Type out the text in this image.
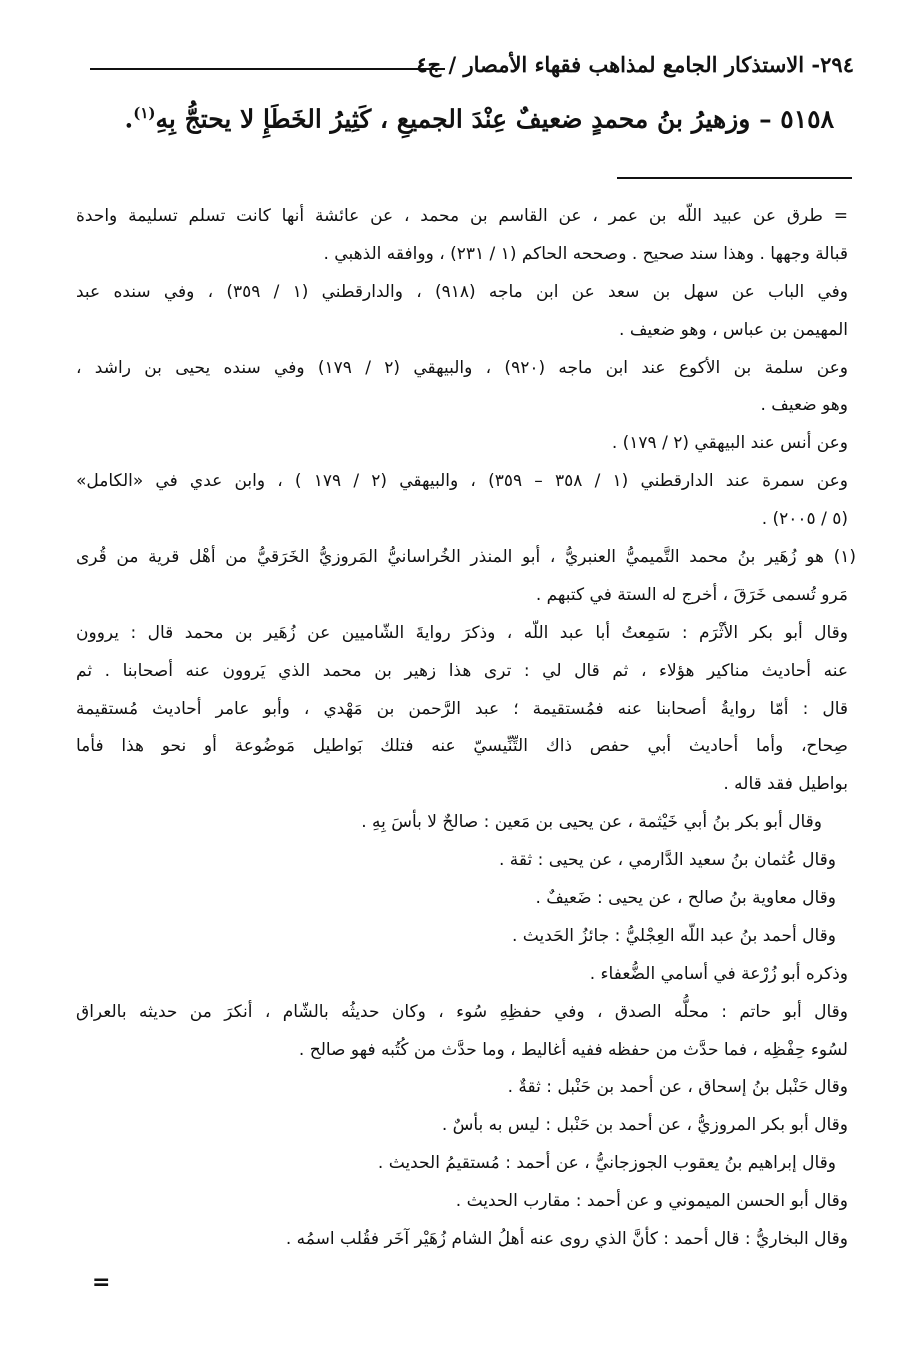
٢٩٤- الاستذكار الجامع لمذاهب فقهاء الأمصار / ج٤
٥١٥٨ – وزهيرُ بنُ محمدٍ ضعيفٌ عِنْدَ الجميعِ ، كَثِيرُ الخَطَإِ لا يحتجُّ بِهِ$^{(١)}$.
= طرق عن عبيد اللّه بن عمر ، عن القاسم بن محمد ، عن عائشة أنها كانت تسلم تسليمة واحدة
قبالة وجهها . وهذا سند صحيح . وصححه الحاكم (١ / ٢٣١) ، ووافقه الذهبي .
وفي الباب عن سهل بن سعد عن ابن ماجه (٩١٨) ، والدارقطني (١ / ٣٥٩) ، وفي سنده عبد
المهيمن بن عباس ، وهو ضعيف .
وعن سلمة بن الأكوع عند ابن ماجه (٩٢٠) ، والبيهقي (٢ / ١٧٩) وفي سنده يحيى بن راشد ،
وهو ضعيف .
وعن أنس عند البيهقي (٢ / ١٧٩) .
وعن سمرة عند الدارقطني (١ / ٣٥٨ – ٣٥٩) ، والبيهقي (٢ / ١٧٩ ) ، وابن عدي في «الكامل»
(٥ / ٢٠٠٥) .
(١) هو زُهَير بنُ محمد التَّميميُّ العنبريُّ ، أبو المنذر الخُراسانيُّ المَروزيُّ الخَرَقيُّ من أهْل قرية من قُرى
مَرو تُسمى خَرَقَ ، أخرج له الستة في كتبهم .
وقال أبو بكر الأثْرَم : سَمِعتُ أبا عبد اللّه ، وذكرَ روايةَ الشّاميين عن زُهَير بن محمد قال : يروون
عنه أحاديث مناكير هؤلاء ، ثم قال لي : ترى هذا زهير بن محمد الذي يَروون عنه أصحابنا . ثم
قال : أمّا روايةُ أصحابنا عنه فمُستقيمة ؛ عبد الرَّحمن بن مَهْدي ، وأبو عامر أحاديث مُستقيمة
صِحاح، وأما أحاديث أبي حفص ذاك التِّنِّيسيّ عنه فتلك بَواطيل مَوضُوعة أو نحو هذا فأما
بواطيل فقد قاله .
وقال أبو بكر بنُ أبي خَيْثمة ، عن يحيى بن مَعين : صالحٌ لا بأسَ بِهِ .
وقال عُثمان بنُ سعيد الدَّارمي ، عن يحيى : ثقة .
وقال معاوية بنُ صالح ، عن يحيى : ضَعيفٌ .
وقال أحمد بنُ عبد اللّه العِجْليُّ : جائزُ الحَديث .
وذكره أبو زُرْعة في أسامي الضُّعفاء .
وقال أبو حاتم : محلُّه الصدق ، وفي حفظِهِ سُوء ، وكان حديثُه بالشّام ، أنكرَ من حديثه بالعراق
لسُوء حِفْظِه ، فما حدَّث من حفظه ففيه أغاليط ، وما حدَّث من كُتُبه فهو صالح .
وقال حَنْبل بنُ إسحاق ، عن أحمد بن حَنْبل : ثقةٌ .
وقال أبو بكر المروزيُّ ، عن أحمد بن حَنْبل : ليس به بأسٌ .
وقال إبراهيم بنُ يعقوب الجوزجانيُّ ، عن أحمد : مُستقيمُ الحديث .
وقال أبو الحسن الميموني و عن أحمد : مقارب الحديث .
وقال البخاريُّ : قال أحمد : كأنَّ الذي روى عنه أهلُ الشام زُهَيْر آخَر فقُلب اسمُه .
=
